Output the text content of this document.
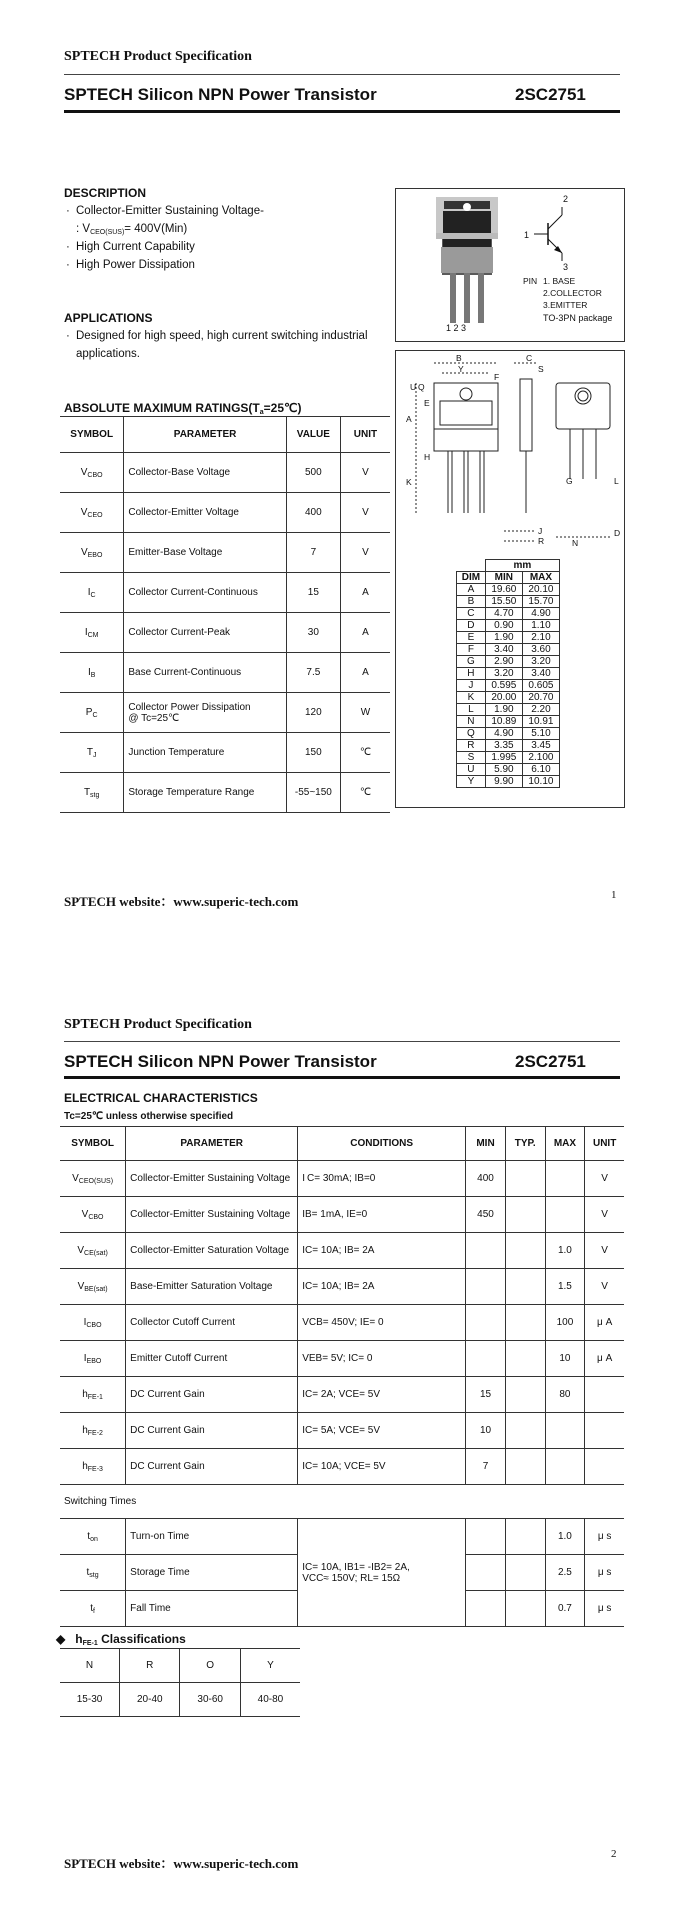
SPTECH Product Specification
SPTECH Silicon NPN Power Transistor	2SC2751
DESCRIPTION
· Collector-Emitter Sustaining Voltage-
: $V_{CEO(SUS)}= 400V(Min)$
· High Current Capability
· High Power Dissipation
APPLICATIONS
· Designed for high speed, high current switching industrial
applications.
ABSOLUTE MAXIMUM $RATINGS(T_a=25℃)$
SYMBOL	PARAMETER	VALUE	UNIT
$V_{CBO}$	Collector-Base Voltage	500	V
$V_{CEO}$	Collector-Emitter Voltage	400	V
$V_{EBO}$	Emitter-Base Voltage	7	V
$I_C$	Collector Current-Continuous	15	A
$I_{CM}$	Collector Current-Peak	30	A
$I_B$	Base Current-Continuous	7.5	A
$P_C$	Collector Power Dissipation
@ Tc=25℃	120	W
$T_J$	Junction Temperature	150	℃
$T_{stg}$	Storage Temperature Range	-55~150	℃
1 2 3
1
2
3
PIN 1. BASE
2.COLLECTOR
3.EMITTER
TO-3PN package
B
Y
F
U Q
A
E
H
K
C
S
G	L
J
R	N
D
	mm	
DIM	MIN	MAX
A	19.60	20.10
B	15.50	15.70
C	4.70	4.90
D	0.90	1.10
E	1.90	2.10
F	3.40	3.60
G	2.90	3.20
H	3.20	3.40
J	0.595	0.605
K	20.00	20.70
L	1.90	2.20
N	10.89	10.91
Q	4.90	5.10
R	3.35	3.45
S	1.995	2.100
U	5.90	6.10
Y	9.90	10.10
SPTECH website：www.superic-tech.com	1
SPTECH Product Specification
SPTECH Silicon NPN Power Transistor	2SC2751
ELECTRICAL CHARACTERISTICS
Tc=25℃ unless otherwise specified
SYMBOL	PARAMETER	CONDITIONS	MIN	TYP.	MAX	UNIT
$V_{CEO(SUS)}$	Collector-Emitter Sustaining Voltage	I C= 30mA; IB=0	400			V
$V_{CBO}$	Collector-Emitter Sustaining Voltage	IB= 1mA, IE=0	450			V
$V_{CE(sat)}$	Collector-Emitter Saturation Voltage	IC= 10A; IB= 2A			1.0	V
$V_{BE(sat)}$	Base-Emitter Saturation Voltage	IC= 10A; IB= 2A			1.5	V
$I_{CBO}$	Collector Cutoff Current	VCB= 450V; IE= 0			100	μ A
$I_{EBO}$	Emitter Cutoff Current	VEB= 5V; IC= 0			10	μ A
$h_{FE-1}$	DC Current Gain	IC= 2A; VCE= 5V	15		80	
$h_{FE-2}$	DC Current Gain	IC= 5A; VCE= 5V	10			
$h_{FE-3}$	DC Current Gain	IC= 10A; VCE= 5V	7			
Switching Times						
$t_{on}$	Turn-on Time	IC= 10A, IB1= -IB2= 2A,
VCC≈ 150V; RL= 15Ω			1.0	μ s
$t_{stg}$	Storage Time				2.5	μ s
$t_f$	Fall Time				0.7	μ s
◆ $h_{FE-1}$ Classifications
N	R	O	Y
15-30	20-40	30-60	40-80
SPTECH website：www.superic-tech.com
2
